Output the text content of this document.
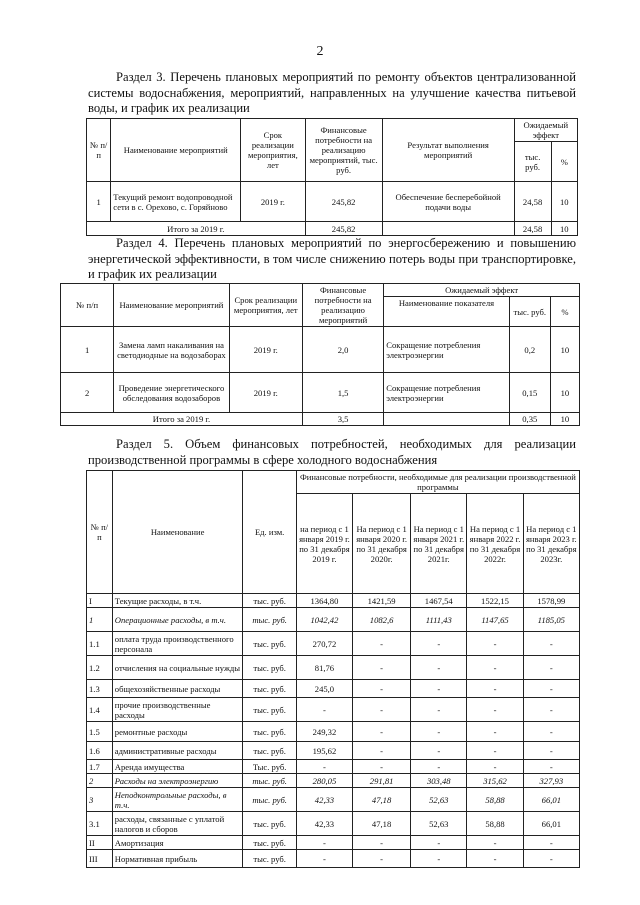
2
Раздел 3. Перечень плановых мероприятий по ремонту объектов централизованной системы водоснабжения, мероприятий, направленных на улучшение качества питьевой воды, и график их реализации
№ п/ п	Наименование мероприятий	Срок реализации мероприятия, лет	Финансовые потребности на реализацию мероприятий, тыс. руб.	Результат выполнения мероприятий	Ожидаемый эффект	
					тыс. руб.	%
1	Текущий ремонт водопроводной сети в с. Орехово, с. Горяйново	2019 г.	245,82	Обеспечение бесперебойной подачи воды	24,58	10
Итого за 2019 г.			245,82		24,58	10
Раздел 4. Перечень плановых мероприятий по энергосбережению и повышению энергетической эффективности, в том числе снижению потерь воды при транспортировке, и график их реализации
№ п/п	Наименование мероприятий	Срок реализации мероприятия, лет	Финансовые потребности на реализацию мероприятий	Ожидаемый эффект		
				Наименование показателя	тыс. руб.	%
1	Замена ламп накаливания на светодиодные на водозаборах	2019 г.	2,0	Сокращение потребления электроэнергии	0,2	10
2	Проведение энергетического обследования водозаборов	2019 г.	1,5	Сокращение потребления электроэнергии	0,15	10
Итого за 2019 г.			3,5		0,35	10
Раздел 5. Объем финансовых потребностей, необходимых для реализации производственной программы в сфере холодного водоснабжения
№ п/п	Наименование	Ед. изм.	Финансовые потребности, необходимые для реализации производственной программы				
			на период с 1 января 2019 г. по 31 декабря 2019 г.	На период с 1 января 2020 г. по 31 декабря 2020г.	На период с 1 января 2021 г. по 31 декабря 2021г.	На период с 1 января 2022 г. по 31 декабря 2022г.	На период с 1 января 2023 г. по 31 декабря 2023г.
I	Текущие расходы, в т.ч.	тыс. руб.	1364,80	1421,59	1467,54	1522,15	1578,99
1	Операционные расходы, в т.ч.	тыс. руб.	1042,42	1082,6	1111,43	1147,65	1185,05
1.1	оплата труда производственного персонала	тыс. руб.	270,72	-	-	-	-
1.2	отчисления на социальные нужды	тыс. руб.	81,76	-	-	-	-
1.3	общехозяйственные расходы	тыс. руб.	245,0	-	-	-	-
1.4	прочие производственные расходы	тыс. руб.	-	-	-	-	-
1.5	ремонтные расходы	тыс. руб.	249,32	-	-	-	-
1.6	административные расходы	тыс. руб.	195,62	-	-	-	-
1.7	Аренда имущества	Тыс. руб.	-	-	-	-	-
2	Расходы на электроэнергию	тыс. руб.	280,05	291,81	303,48	315,62	327,93
3	Неподконтрольные расходы, в т.ч.	тыс. руб.	42,33	47,18	52,63	58,88	66,01
3.1	расходы, связанные с уплатой налогов и сборов	тыс. руб.	42,33	47,18	52,63	58,88	66,01
II	Амортизация	тыс. руб.	-	-	-	-	-
III	Нормативная прибыль	тыс. руб.	-	-	-	-	-
